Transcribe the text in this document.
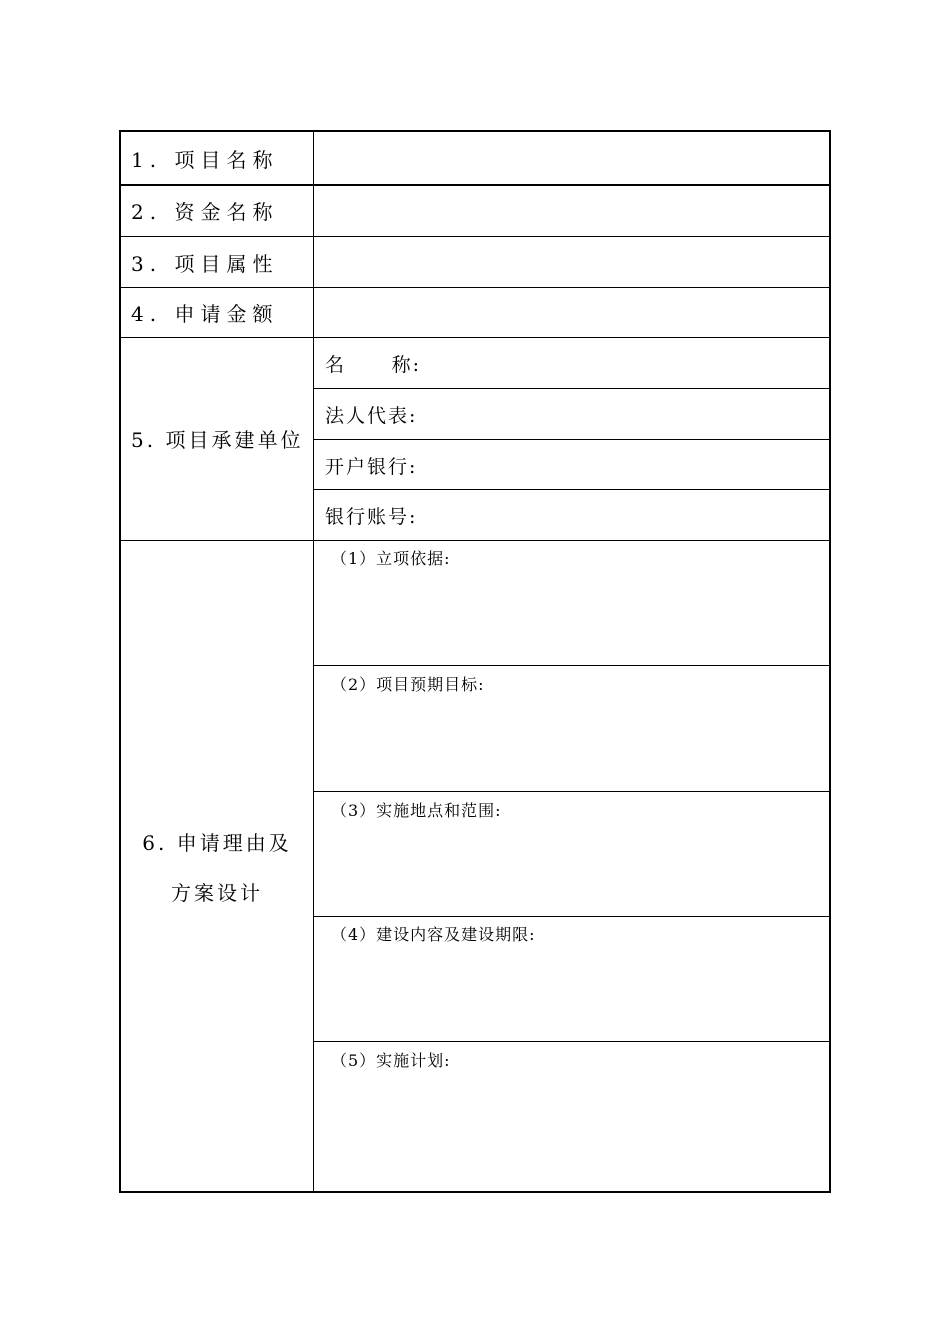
1. 项目名称
2. 资金名称
3. 项目属性
4. 申请金额
5. 项目承建单位
名 称:
法人代表:
开户银行:
银行账号:
6. 申请理由及
方案设计
（1）立项依据:
（2）项目预期目标:
（3）实施地点和范围:
（4）建设内容及建设期限:
（5）实施计划:
